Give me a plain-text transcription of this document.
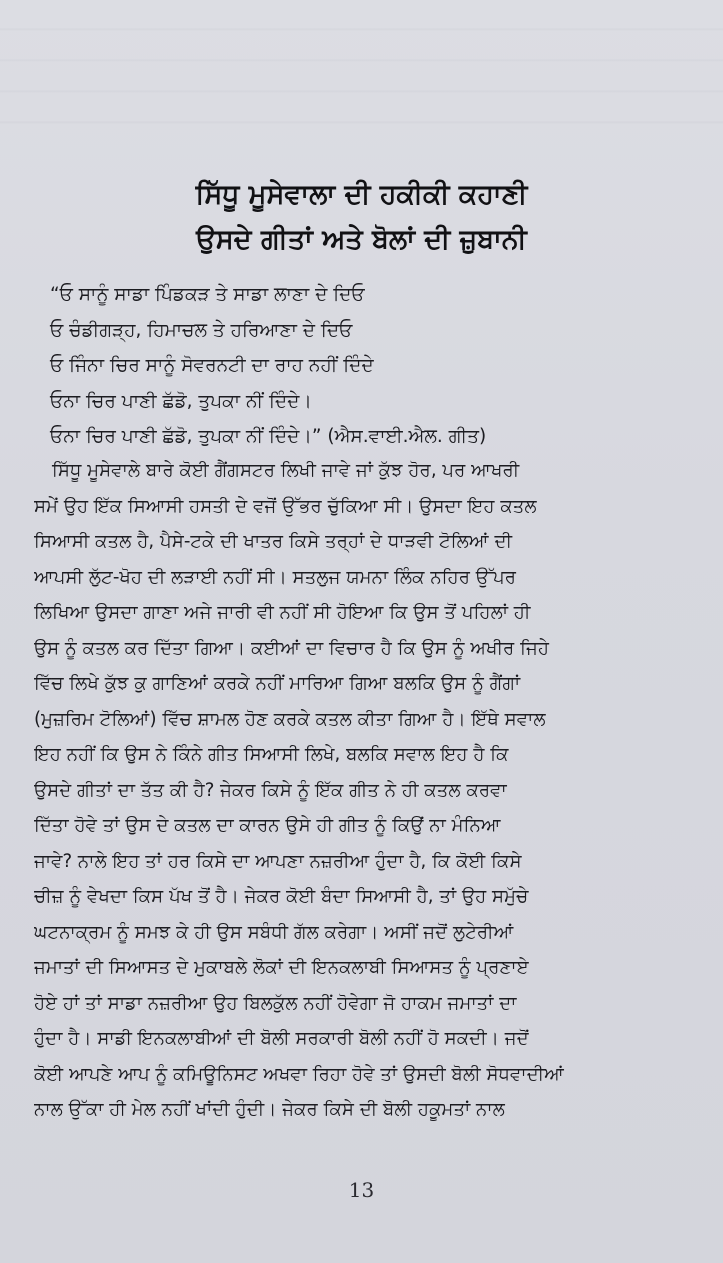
ਸਿੱਧੂ ਮੂਸੇਵਾਲਾ ਦੀ ਹਕੀਕੀ ਕਹਾਣੀ
ਉਸਦੇ ਗੀਤਾਂ ਅਤੇ ਬੋਲਾਂ ਦੀ ਜ਼ੁਬਾਨੀ
“ਓ ਸਾਨੂੰ ਸਾਡਾ ਪਿੰਡਕੜ ਤੇ ਸਾਡਾ ਲਾਣਾ ਦੇ ਦਿਓ
ਓ ਚੰਡੀਗੜ੍ਹ, ਹਿਮਾਚਲ ਤੇ ਹਰਿਆਣਾ ਦੇ ਦਿਓ
ਓ ਜਿੰਨਾ ਚਿਰ ਸਾਨੂੰ ਸੋਵਰਨਟੀ ਦਾ ਰਾਹ ਨਹੀਂ ਦਿੰਦੇ
ਓਨਾ ਚਿਰ ਪਾਣੀ ਛੱਡੋ, ਤੁਪਕਾ ਨੀਂ ਦਿੰਦੇ।
ਓਨਾ ਚਿਰ ਪਾਣੀ ਛੱਡੋ, ਤੁਪਕਾ ਨੀਂ ਦਿੰਦੇ।” (ਐਸ.ਵਾਈ.ਐਲ. ਗੀਤ)
ਸਿੱਧੂ ਮੂਸੇਵਾਲੇ ਬਾਰੇ ਕੋਈ ਗੈਂਗਸਟਰ ਲਿਖੀ ਜਾਵੇ ਜਾਂ ਕੁੱਝ ਹੋਰ, ਪਰ ਆਖਰੀ
ਸਮੇਂ ਉਹ ਇੱਕ ਸਿਆਸੀ ਹਸਤੀ ਦੇ ਵਜੋਂ ਉੱਭਰ ਚੁੱਕਿਆ ਸੀ। ਉਸਦਾ ਇਹ ਕਤਲ
ਸਿਆਸੀ ਕਤਲ ਹੈ, ਪੈਸੇ-ਟਕੇ ਦੀ ਖਾਤਰ ਕਿਸੇ ਤਰ੍ਹਾਂ ਦੇ ਧਾੜਵੀ ਟੋਲਿਆਂ ਦੀ
ਆਪਸੀ ਲੁੱਟ-ਖੋਹ ਦੀ ਲੜਾਈ ਨਹੀਂ ਸੀ। ਸਤਲੁਜ ਯਮਨਾ ਲਿੰਕ ਨਹਿਰ ਉੱਪਰ
ਲਿਖਿਆ ਉਸਦਾ ਗਾਣਾ ਅਜੇ ਜਾਰੀ ਵੀ ਨਹੀਂ ਸੀ ਹੋਇਆ ਕਿ ਉਸ ਤੋਂ ਪਹਿਲਾਂ ਹੀ
ਉਸ ਨੂੰ ਕਤਲ ਕਰ ਦਿੱਤਾ ਗਿਆ। ਕਈਆਂ ਦਾ ਵਿਚਾਰ ਹੈ ਕਿ ਉਸ ਨੂੰ ਅਖੀਰ ਜਿਹੇ
ਵਿੱਚ ਲਿਖੇ ਕੁੱਝ ਕੁ ਗਾਣਿਆਂ ਕਰਕੇ ਨਹੀਂ ਮਾਰਿਆ ਗਿਆ ਬਲਕਿ ਉਸ ਨੂੰ ਗੈਂਗਾਂ
(ਮੁਜ਼ਰਿਮ ਟੋਲਿਆਂ) ਵਿੱਚ ਸ਼ਾਮਲ ਹੋਣ ਕਰਕੇ ਕਤਲ ਕੀਤਾ ਗਿਆ ਹੈ। ਇੱਥੇ ਸਵਾਲ
ਇਹ ਨਹੀਂ ਕਿ ਉਸ ਨੇ ਕਿੰਨੇ ਗੀਤ ਸਿਆਸੀ ਲਿਖੇ, ਬਲਕਿ ਸਵਾਲ ਇਹ ਹੈ ਕਿ
ਉਸਦੇ ਗੀਤਾਂ ਦਾ ਤੱਤ ਕੀ ਹੈ? ਜੇਕਰ ਕਿਸੇ ਨੂੰ ਇੱਕ ਗੀਤ ਨੇ ਹੀ ਕਤਲ ਕਰਵਾ
ਦਿੱਤਾ ਹੋਵੇ ਤਾਂ ਉਸ ਦੇ ਕਤਲ ਦਾ ਕਾਰਨ ਉਸੇ ਹੀ ਗੀਤ ਨੂੰ ਕਿਉਂ ਨਾ ਮੰਨਿਆ
ਜਾਵੇ? ਨਾਲੇ ਇਹ ਤਾਂ ਹਰ ਕਿਸੇ ਦਾ ਆਪਣਾ ਨਜ਼ਰੀਆ ਹੁੰਦਾ ਹੈ, ਕਿ ਕੋਈ ਕਿਸੇ
ਚੀਜ਼ ਨੂੰ ਵੇਖਦਾ ਕਿਸ ਪੱਖ ਤੋਂ ਹੈ। ਜੇਕਰ ਕੋਈ ਬੰਦਾ ਸਿਆਸੀ ਹੈ, ਤਾਂ ਉਹ ਸਮੁੱਚੇ
ਘਟਨਾਕ੍ਰਮ ਨੂੰ ਸਮਝ ਕੇ ਹੀ ਉਸ ਸਬੰਧੀ ਗੱਲ ਕਰੇਗਾ। ਅਸੀਂ ਜਦੋਂ ਲੁਟੇਰੀਆਂ
ਜਮਾਤਾਂ ਦੀ ਸਿਆਸਤ ਦੇ ਮੁਕਾਬਲੇ ਲੋਕਾਂ ਦੀ ਇਨਕਲਾਬੀ ਸਿਆਸਤ ਨੂੰ ਪ੍ਰਣਾਏ
ਹੋਏ ਹਾਂ ਤਾਂ ਸਾਡਾ ਨਜ਼ਰੀਆ ਉਹ ਬਿਲਕੁੱਲ ਨਹੀਂ ਹੋਵੇਗਾ ਜੋ ਹਾਕਮ ਜਮਾਤਾਂ ਦਾ
ਹੁੰਦਾ ਹੈ। ਸਾਡੀ ਇਨਕਲਾਬੀਆਂ ਦੀ ਬੋਲੀ ਸਰਕਾਰੀ ਬੋਲੀ ਨਹੀਂ ਹੋ ਸਕਦੀ। ਜਦੋਂ
ਕੋਈ ਆਪਣੇ ਆਪ ਨੂੰ ਕਮਿਊਨਿਸਟ ਅਖਵਾ ਰਿਹਾ ਹੋਵੇ ਤਾਂ ਉਸਦੀ ਬੋਲੀ ਸੋਧਵਾਦੀਆਂ
ਨਾਲ ਉੱਕਾ ਹੀ ਮੇਲ ਨਹੀਂ ਖਾਂਦੀ ਹੁੰਦੀ। ਜੇਕਰ ਕਿਸੇ ਦੀ ਬੋਲੀ ਹਕੂਮਤਾਂ ਨਾਲ
13
